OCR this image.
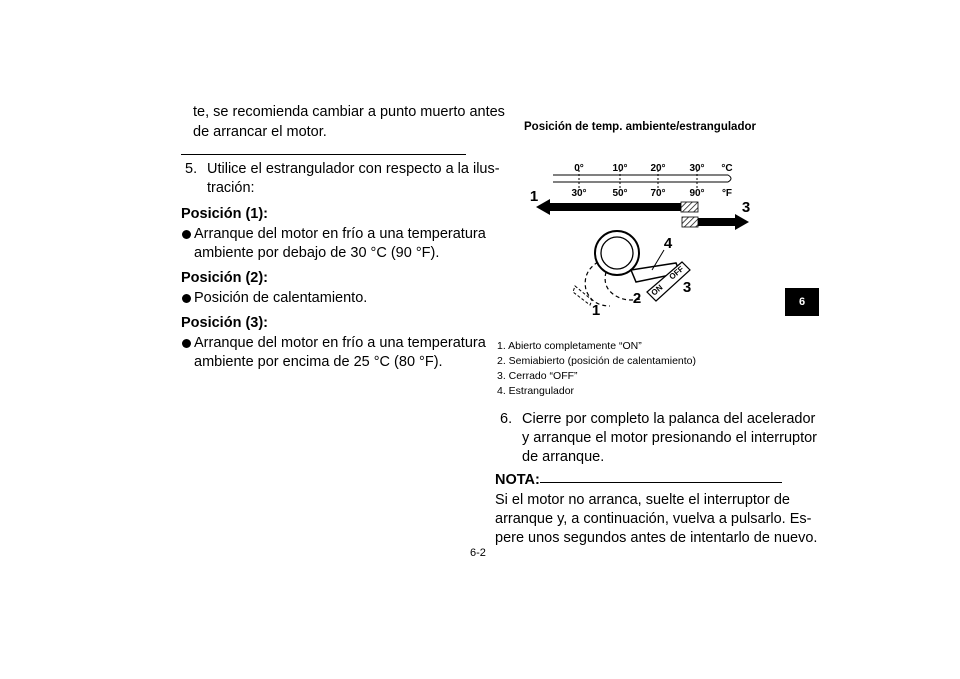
te, se recomienda cambiar a punto muerto antes
de arrancar el motor.
5. Utilice el estrangulador con respecto a la ilus-
tración:
Posición (1):
Arranque del motor en frío a una temperatura
ambiente por debajo de 30 °C (90 °F).
Posición (2):
Posición de calentamiento.
Posición (3):
Arranque del motor en frío a una temperatura
ambiente por encima de 25 °C (80 °F).
Posición de temp. ambiente/estrangulador
0°	10° 20° 30° °C
30°	50° 70° 90° °F
1
3
ON
OFF
4
1
2
3
1. Abierto completamente “ON”
2. Semiabierto (posición de calentamiento)
3. Cerrado “OFF”
4. Estrangulador
6. Cierre por completo la palanca del acelerador
y arranque el motor presionando el interruptor
de arranque.
NOTA:
Si el motor no arranca, suelte el interruptor de
arranque y, a continuación, vuelva a pulsarlo. Es-
pere unos segundos antes de intentarlo de nuevo.
6-2
6
